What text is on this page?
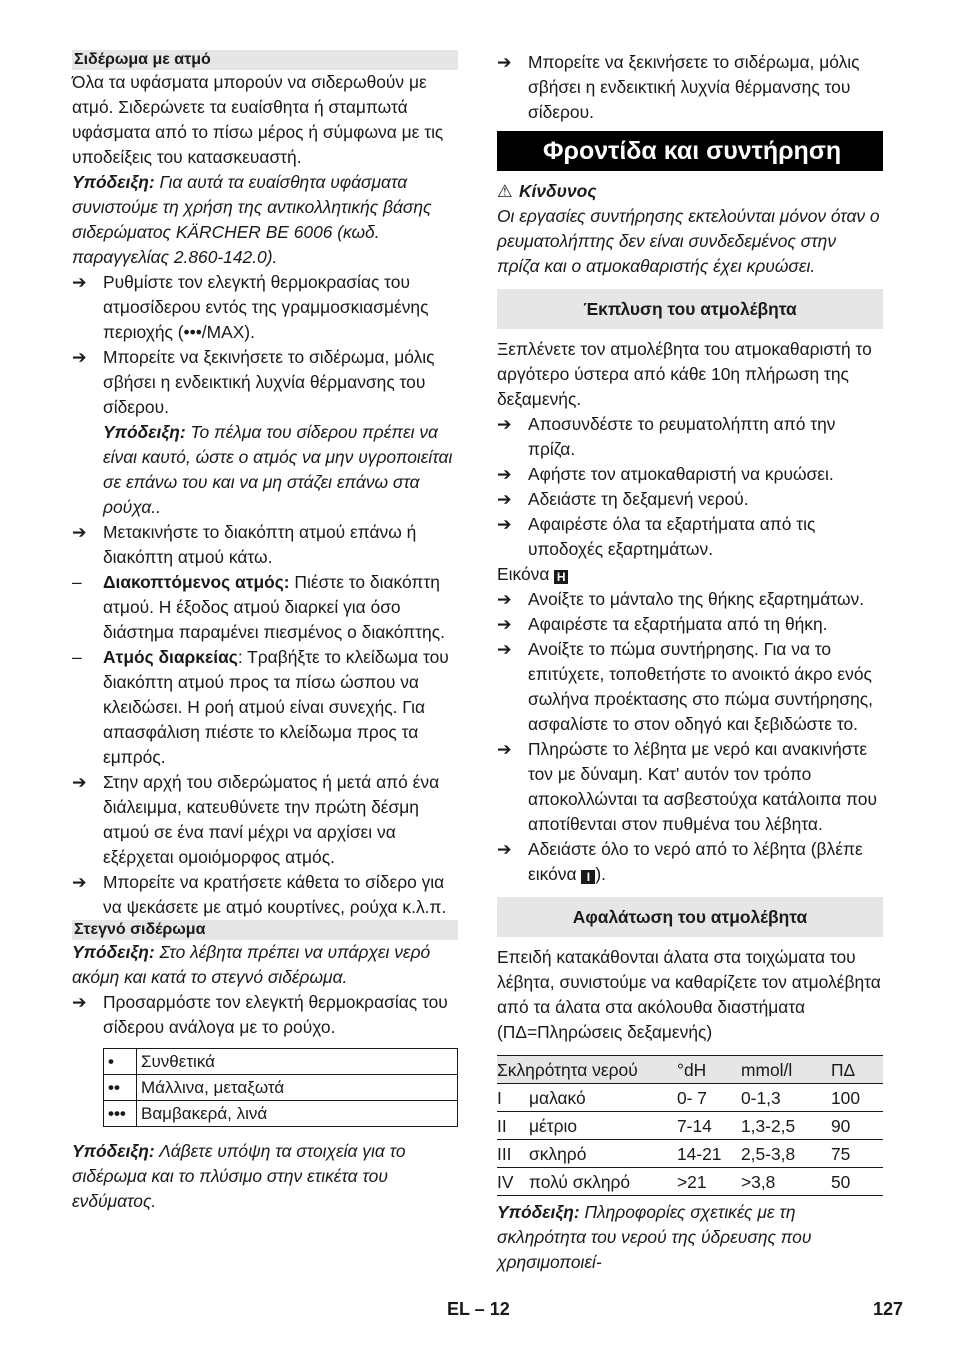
Σιδέρωμα με ατμό

Όλα τα υφάσματα μπορούν να σιδερωθούν με ατμό. Σιδερώνετε τα ευαίσθητα ή σταμπωτά υφάσματα από το πίσω μέρος ή σύμφωνα με τις υποδείξεις του κατασκευαστή.

Υπόδειξη: Για αυτά τα ευαίσθητα υφάσματα συνιστούμε τη χρήση της αντικολλητικής βάσης σιδερώματος KÄRCHER BE 6006 (κωδ. παραγγελίας 2.860-142.0).

➔ Ρυθμίστε τον ελεγκτή θερμοκρασίας του ατμοσίδερου εντός της γραμμοσκιασμένης περιοχής (•••/MAX).
➔ Μπορείτε να ξεκινήσετε το σιδέρωμα, μόλις σβήσει η ενδεικτική λυχνία θέρμανσης του σίδερου.

Υπόδειξη: Το πέλμα του σίδερου πρέπει να είναι καυτό, ώστε ο ατμός να μην υγροποιείται σε επάνω του και να μη στάζει επάνω στα ρούχα..

➔ Μετακινήστε το διακόπτη ατμού επάνω ή διακόπτη ατμού κάτω.
– Διακοπτόμενος ατμός: Πιέστε το διακόπτη ατμού. Η έξοδος ατμού διαρκεί για όσο διάστημα παραμένει πιεσμένος ο διακόπτης.
– Ατμός διαρκείας: Τραβήξτε το κλείδωμα του διακόπτη ατμού προς τα πίσω ώσπου να κλειδώσει. Η ροή ατμού είναι συνεχής. Για απασφάλιση πιέστε το κλείδωμα προς τα εμπρός.
➔ Στην αρχή του σιδερώματος ή μετά από ένα διάλειμμα, κατευθύνετε την πρώτη δέσμη ατμού σε ένα πανί μέχρι να αρχίσει να εξέρχεται ομοιόμορφος ατμός.
➔ Μπορείτε να κρατήσετε κάθετα το σίδερο για να ψεκάσετε με ατμό κουρτίνες, ρούχα κ.λ.π.

Στεγνό σιδέρωμα

Υπόδειξη: Στο λέβητα πρέπει να υπάρχει νερό ακόμη και κατά το στεγνό σιδέρωμα.

➔ Προσαρμόστε τον ελεγκτή θερμοκρασίας του σίδερου ανάλογα με το ρούχο.
•	Συνθετικά
••	Μάλλινα, μεταξωτά
•••	Βαμβακερά, λινά

Υπόδειξη: Λάβετε υπόψη τα στοιχεία για το σιδέρωμα και το πλύσιμο στην ετικέτα του ενδύματος.

➔ Μπορείτε να ξεκινήσετε το σιδέρωμα, μόλις σβήσει η ενδεικτική λυχνία θέρμανσης του σίδερου.
Φροντίδα και συντήρηση

⚠ Κίνδυνος

Οι εργασίες συντήρησης εκτελούνται μόνον όταν ο ρευματολήπτης δεν είναι συνδεδεμένος στην πρίζα και ο ατμοκαθαριστής έχει κρυώσει.

Έκπλυση του ατμολέβητα

Ξεπλένετε τον ατμολέβητα του ατμοκαθαριστή το αργότερο ύστερα από κάθε 10η πλήρωση της δεξαμενής.

➔ Αποσυνδέστε το ρευματολήπτη από την πρίζα.
➔ Αφήστε τον ατμοκαθαριστή να κρυώσει.
➔ Αδειάστε τη δεξαμενή νερού.
➔ Αφαιρέστε όλα τα εξαρτήματα από τις υποδοχές εξαρτημάτων.

Εικόνα H

➔ Ανοίξτε το μάνταλο της θήκης εξαρτημάτων.
➔ Αφαιρέστε τα εξαρτήματα από τη θήκη.
➔ Ανοίξτε το πώμα συντήρησης. Για να το επιτύχετε, τοποθετήστε το ανοικτό άκρο ενός σωλήνα προέκτασης στο πώμα συντήρησης, ασφαλίστε το στον οδηγό και ξεβιδώστε το.
➔ Πληρώστε το λέβητα με νερό και ανακινήστε τον με δύναμη. Κατ' αυτόν τον τρόπο αποκολλώνται τα ασβεστούχα κατάλοιπα που αποτίθενται στον πυθμένα του λέβητα.
➔ Αδειάστε όλο το νερό από το λέβητα (βλέπε εικόνα I ).
Αφαλάτωση του ατμολέβητα

Επειδή κατακάθονται άλατα στα τοιχώματα του λέβητα, συνιστούμε να καθαρίζετε τον ατμολέβητα από τα άλατα στα ακόλουθα διαστήματα (ΠΔ=Πληρώσεις δεξαμενής)

Σκληρότητα νερού		°dH	mmol/l	ΠΔ
I	μαλακό	0- 7	0-1,3	100
II	μέτριο	7-14	1,3-2,5	90
III	σκληρό	14-21	2,5-3,8	75
IV	πολύ σκληρό	>21	>3,8	50

Υπόδειξη: Πληροφορίες σχετικές με τη σκληρότητα του νερού της ύδρευσης που χρησιμοποιεί-

EL – 12	127
